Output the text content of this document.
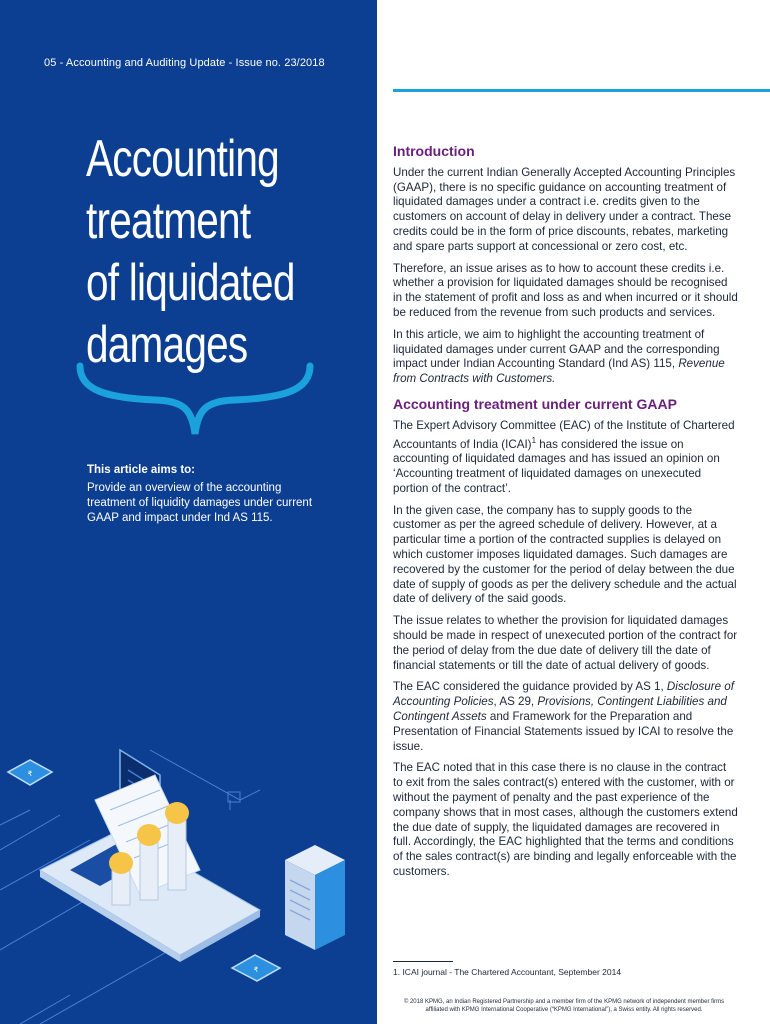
05 - Accounting and Auditing Update - Issue no. 23/2018
Accounting
treatment
of liquidated
damages
This article aims to:
Provide an overview of the accounting treatment of liquidity damages under current GAAP and impact under Ind AS 115.
₹
₹
Introduction

Under the current Indian Generally Accepted Accounting Principles (GAAP), there is no specific guidance on accounting treatment of liquidated damages under a contract i.e. credits given to the customers on account of delay in delivery under a contract. These credits could be in the form of price discounts, rebates, marketing and spare parts support at concessional or zero cost, etc.

Therefore, an issue arises as to how to account these credits i.e. whether a provision for liquidated damages should be recognised in the statement of profit and loss as and when incurred or it should be reduced from the revenue from such products and services.

In this article, we aim to highlight the accounting treatment of liquidated damages under current GAAP and the corresponding impact under Indian Accounting Standard (Ind AS) 115, Revenue from Contracts with Customers.

Accounting treatment under current GAAP

The Expert Advisory Committee (EAC) of the Institute of Chartered Accountants of India (ICAI)$^1$ has considered the issue on accounting of liquidated damages and has issued an opinion on ‘Accounting treatment of liquidated damages on unexecuted portion of the contract’.

In the given case, the company has to supply goods to the customer as per the agreed schedule of delivery. However, at a particular time a portion of the contracted supplies is delayed on which customer imposes liquidated damages. Such damages are recovered by the customer for the period of delay between the due date of supply of goods as per the delivery schedule and the actual date of delivery of the said goods.

The issue relates to whether the provision for liquidated damages should be made in respect of unexecuted portion of the contract for the period of delay from the due date of delivery till the date of financial statements or till the date of actual delivery of goods.

The EAC considered the guidance provided by AS 1, Disclosure of Accounting Policies, AS 29, Provisions, Contingent Liabilities and Contingent Assets and Framework for the Preparation and Presentation of Financial Statements issued by ICAI to resolve the issue.

The EAC noted that in this case there is no clause in the contract to exit from the sales contract(s) entered with the customer, with or without the payment of penalty and the past experience of the company shows that in most cases, although the customers extend the due date of supply, the liquidated damages are recovered in full. Accordingly, the EAC highlighted that the terms and conditions of the sales contract(s) are binding and legally enforceable with the customers.

1. ICAI journal - The Chartered Accountant, September 2014
© 2018 KPMG, an Indian Registered Partnership and a member firm of the KPMG network of independent member firms affiliated with KPMG International Cooperative (“KPMG International”), a Swiss entity. All rights reserved.
